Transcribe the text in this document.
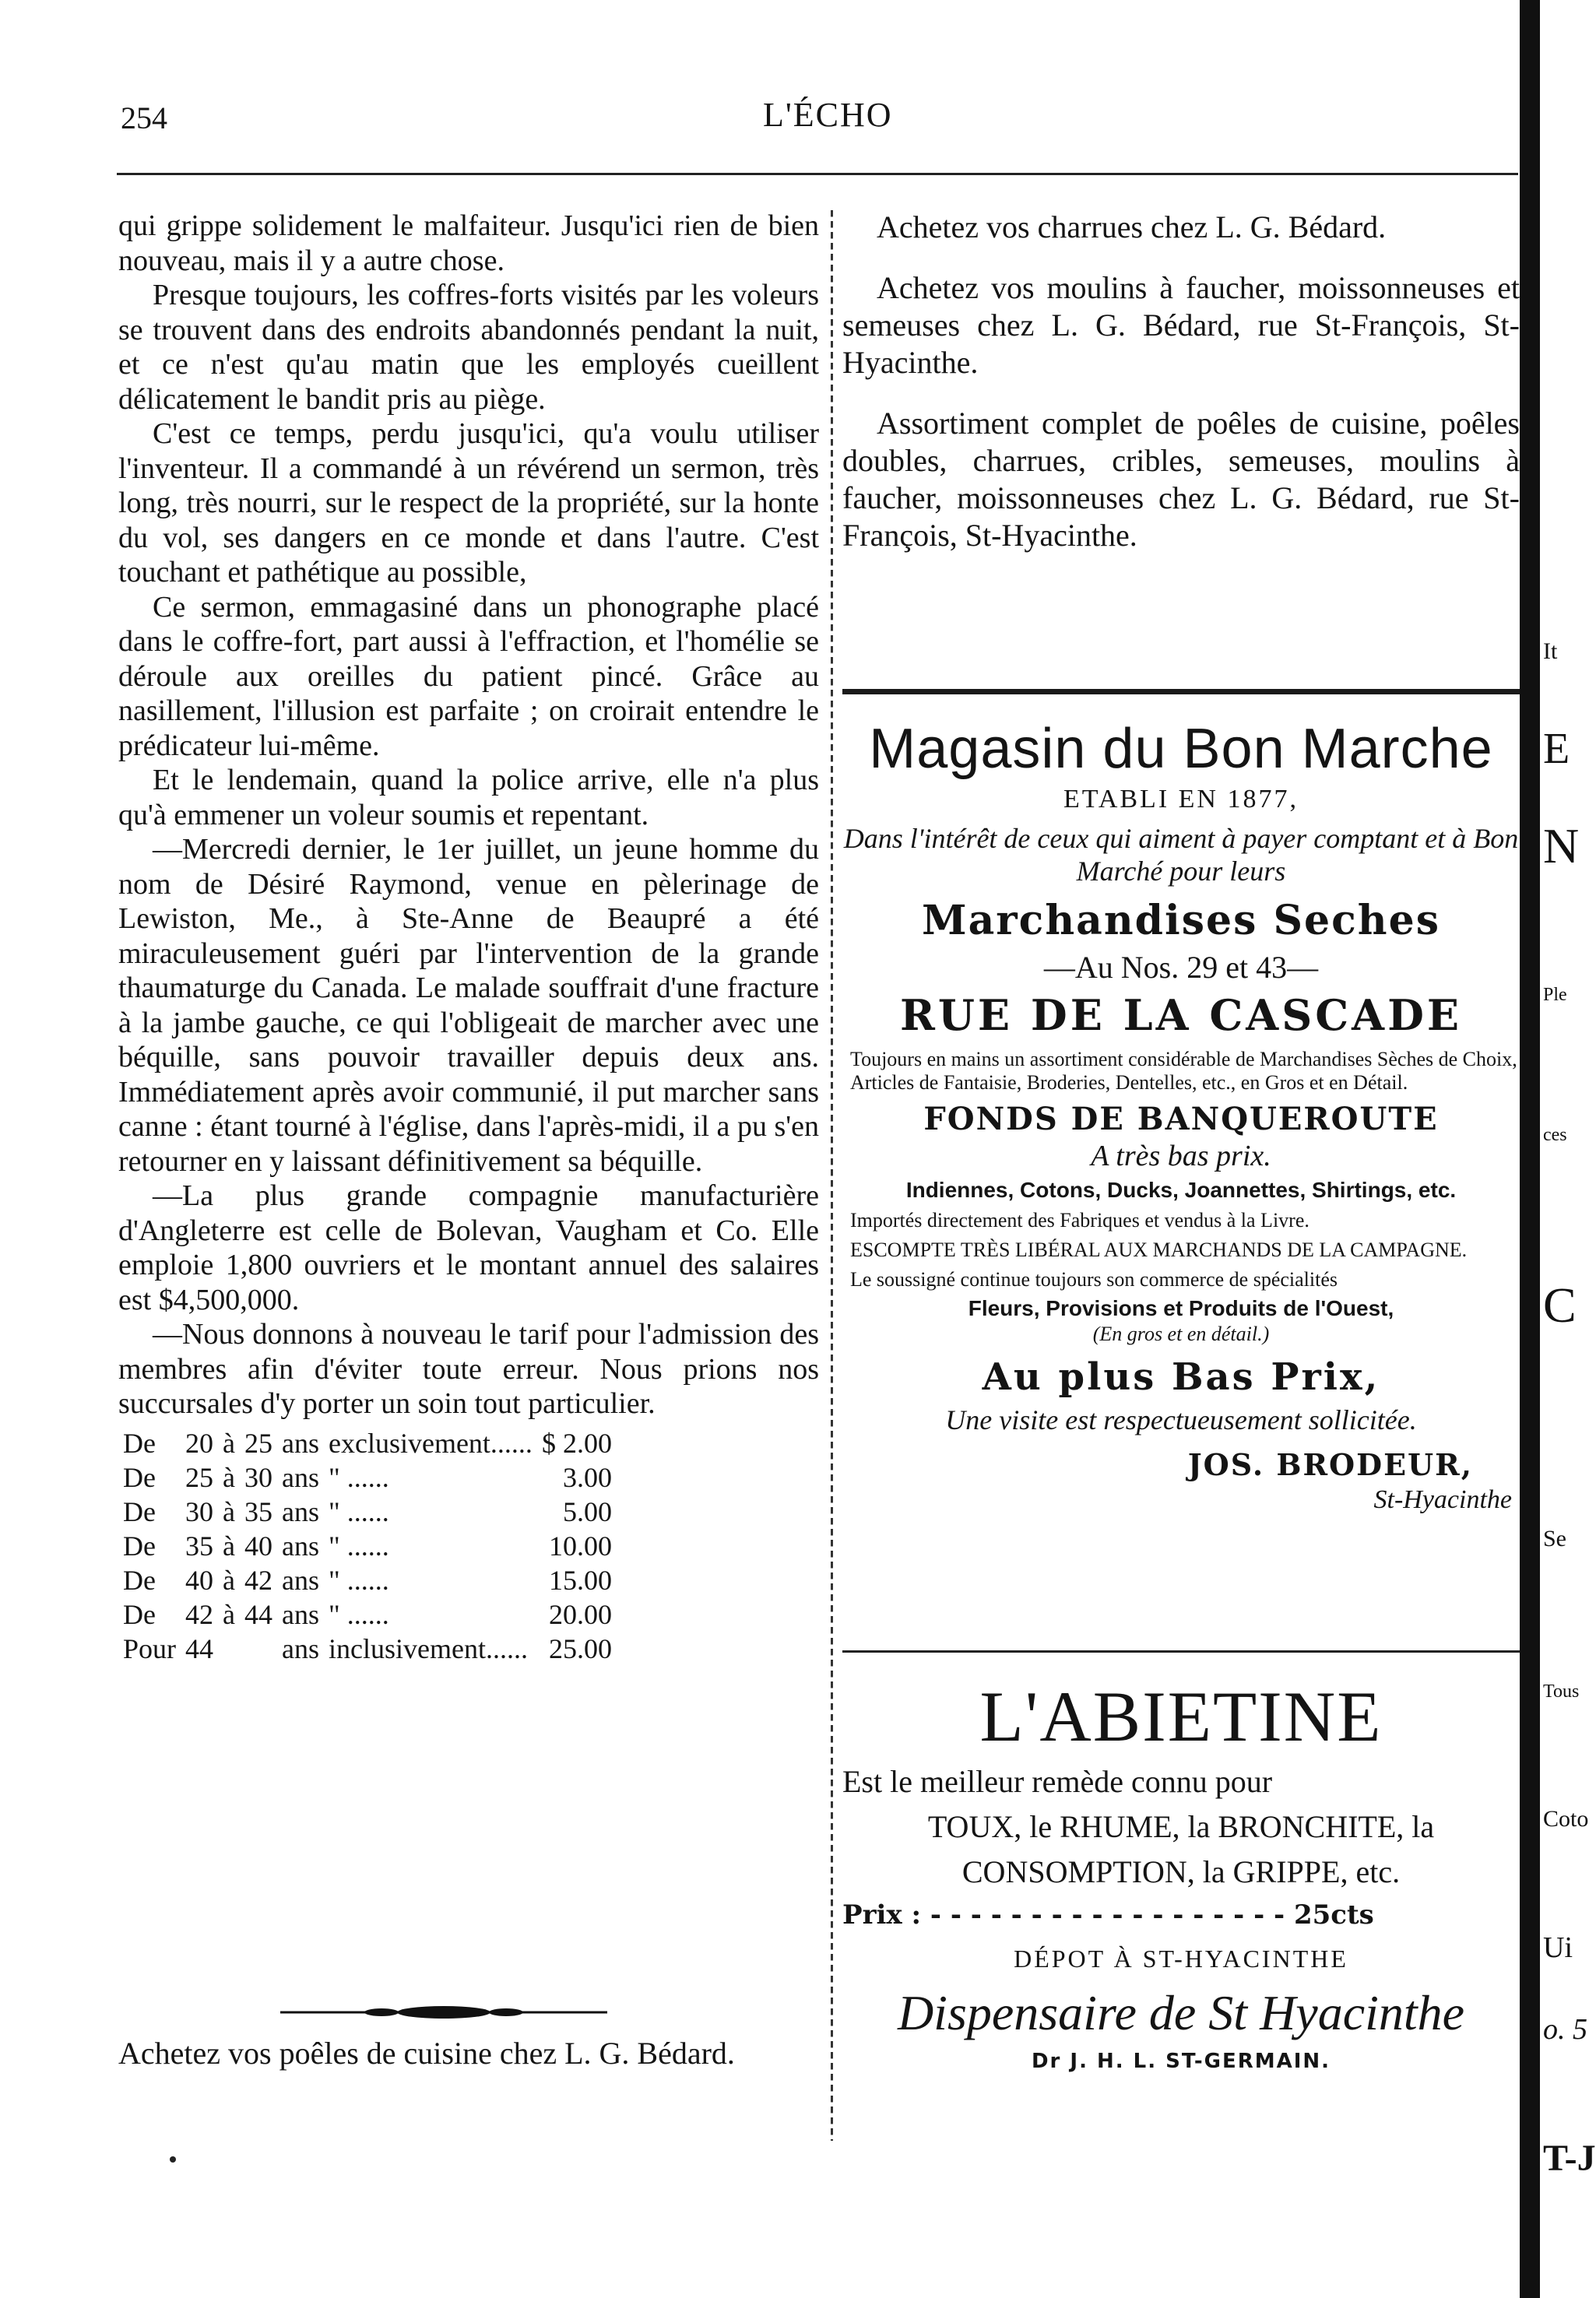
254	L'ÉCHO

qui grippe solidement le malfaiteur. Jusqu'ici rien de bien nouveau, mais il y a autre chose.

Presque toujours, les coffres-forts visités par les voleurs se trouvent dans des endroits abandonnés pendant la nuit, et ce n'est qu'au matin que les employés cueillent délicatement le bandit pris au piège.

C'est ce temps, perdu jusqu'ici, qu'a voulu utiliser l'inventeur. Il a commandé à un révérend un sermon, très long, très nourri, sur le respect de la propriété, sur la honte du vol, ses dangers en ce monde et dans l'autre. C'est touchant et pathétique au possible,

Ce sermon, emmagasiné dans un phonographe placé dans le coffre-fort, part aussi à l'effraction, et l'homélie se déroule aux oreilles du patient pincé. Grâce au nasillement, l'illusion est parfaite ; on croirait entendre le prédicateur lui-même.

Et le lendemain, quand la police arrive, elle n'a plus qu'à emmener un voleur soumis et repentant.

—Mercredi dernier, le 1er juillet, un jeune homme du nom de Désiré Raymond, venue en pèlerinage de Lewiston, Me., à Ste-Anne de Beaupré a été miraculeusement guéri par l'intervention de la grande thaumaturge du Canada. Le malade souffrait d'une fracture à la jambe gauche, ce qui l'obligeait de marcher avec une béquille, sans pouvoir travailler depuis deux ans. Immédiatement après avoir communié, il put marcher sans canne : étant tourné à l'église, dans l'après-midi, il a pu s'en retourner en y laissant définitivement sa béquille.

—La plus grande compagnie manufacturière d'Angleterre est celle de Bolevan, Vaugham et Co. Elle emploie 1,800 ouvriers et le montant annuel des salaires est $4,500,000.

—Nous donnons à nouveau le tarif pour l'admission des membres afin d'éviter toute erreur. Nous prions nos succursales d'y porter un soin tout particulier.

De	20	à	25	ans	exclusivement......	$ 2.00
De	25	à	30	ans	" ......	3.00
De	30	à	35	ans	" ......	5.00
De	35	à	40	ans	" ......	10.00
De	40	à	42	ans	" ......	15.00
De	42	à	44	ans	" ......	20.00
Pour	44			ans	inclusivement......	25.00
Achetez vos poêles de cuisine chez L. G. Bédard.

Achetez vos charrues chez L. G. Bédard.

Achetez vos moulins à faucher, moissonneuses et semeuses chez L. G. Bédard, rue St-François, St-Hyacinthe.

Assortiment complet de poêles de cuisine, poêles doubles, charrues, cribles, semeuses, moulins à faucher, moissonneuses chez L. G. Bédard, rue St-François, St-Hyacinthe.

Magasin du Bon Marche
ETABLI EN 1877,
Dans l'intérêt de ceux qui aiment à payer comptant et à Bon Marché pour leurs
Marchandises Seches
—Au Nos. 29 et 43—
RUE DE LA CASCADE
Toujours en mains un assortiment considérable de Marchandises Sèches de Choix, Articles de Fantaisie, Broderies, Dentelles, etc., en Gros et en Détail.
FONDS DE BANQUEROUTE
A très bas prix.
Indiennes, Cotons, Ducks, Joannettes, Shirtings, etc.
Importés directement des Fabriques et vendus à la Livre.
ESCOMPTE TRÈS LIBÉRAL AUX MARCHANDS DE LA CAMPAGNE.
Le soussigné continue toujours son commerce de spécialités
Fleurs, Provisions et Produits de l'Ouest,
(En gros et en détail.)
Au plus Bas Prix,
Une visite est respectueusement sollicitée.
JOS. BRODEUR,
St-Hyacinthe
L'ABIETINE
Est le meilleur remède connu pour
TOUX, le RHUME, la BRONCHITE, la
CONSOMPTION, la GRIPPE, etc.
Prix : - - - - - - - - - - - - - - - - - - 25cts
DÉPOT À ST-HYACINTHE
Dispensaire de St Hyacinthe
Dr J. H. L. ST-GERMAIN.
It
E
N
Ple
ces
C
Se
Tous
Coto
Ui
o. 5
T-J
